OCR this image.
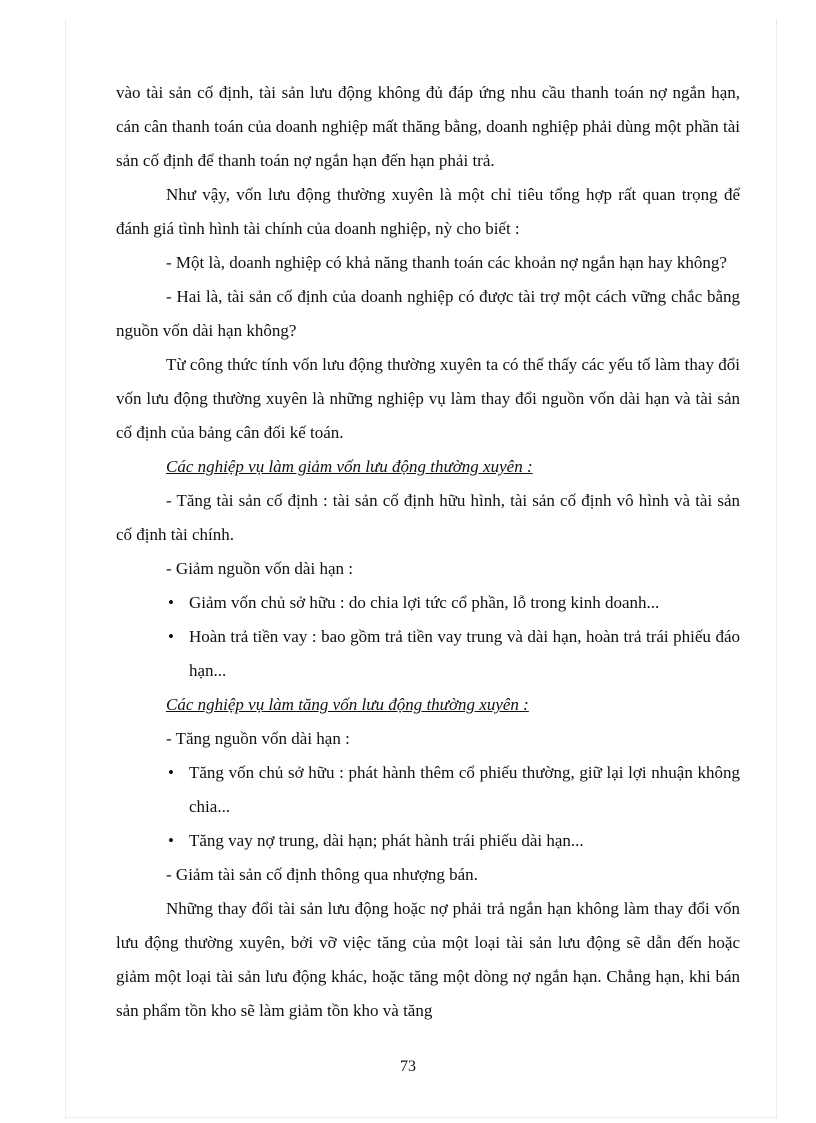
vào tài sản cố định, tài sản lưu động không đủ đáp ứng nhu cầu thanh toán nợ ngắn hạn, cán cân thanh toán của doanh nghiệp mất thăng bằng, doanh nghiệp phải dùng một phần tài sản cố định để thanh toán nợ ngắn hạn đến hạn phải trả.

Như vậy, vốn lưu động thường xuyên là một chỉ tiêu tổng hợp rất quan trọng để đánh giá tình hình tài chính của doanh nghiệp, nỳ cho biết :

- Một là, doanh nghiệp có khả năng thanh toán các khoản nợ ngắn hạn hay không?

- Hai là, tài sản cố định của doanh nghiệp có được tài trợ một cách vững chắc bằng nguồn vốn dài hạn không?

Từ công thức tính vốn lưu động thường xuyên ta có thể thấy các yếu tố làm thay đổi vốn lưu động thường xuyên là những nghiệp vụ làm thay đổi nguồn vốn dài hạn và tài sản cố định của bảng cân đối kế toán.

Các nghiệp vụ làm giảm vốn lưu động thường xuyên :

- Tăng tài sản cố định : tài sản cố định hữu hình, tài sản cố định vô hình và tài sản cố định tài chính.

- Giảm nguồn vốn dài hạn :

• Giảm vốn chủ sở hữu : do chia lợi tức cổ phần, lỗ trong kinh doanh...

• Hoàn trả tiền vay : bao gồm trả tiền vay trung và dài hạn, hoàn trả trái phiếu đáo hạn...

Các nghiệp vụ làm tăng vốn lưu động thường xuyên :

- Tăng nguồn vốn dài hạn :

• Tăng vốn chủ sở hữu : phát hành thêm cổ phiếu thường, giữ lại lợi nhuận không chia...

• Tăng vay nợ trung, dài hạn; phát hành trái phiếu dài hạn...

- Giảm tài sản cố định thông qua nhượng bán.

Những thay đổi tài sản lưu động hoặc nợ phải trả ngắn hạn không làm thay đổi vốn lưu động thường xuyên, bởi vỡ việc tăng của một loại tài sản lưu động sẽ dẫn đến hoặc giảm một loại tài sản lưu động khác, hoặc tăng một dòng nợ ngắn hạn. Chẳng hạn, khi bán sản phẩm tồn kho sẽ làm giảm tồn kho và tăng

73
